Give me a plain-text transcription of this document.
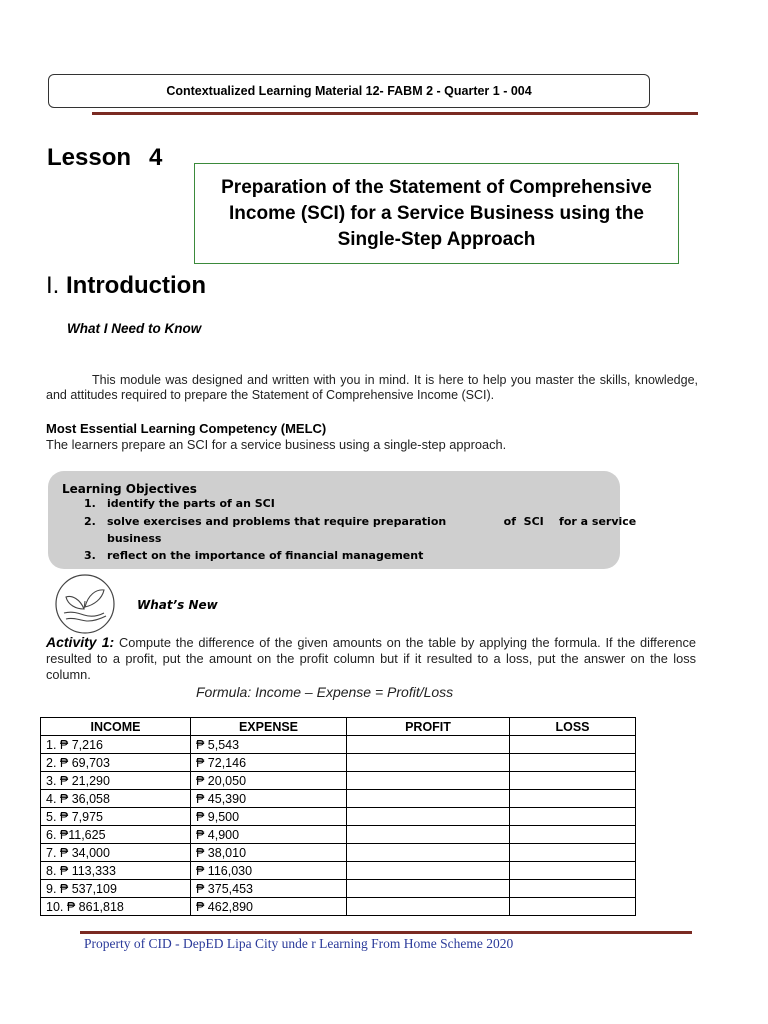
Contextualized Learning Material 12- FABM 2 - Quarter 1 - 004
Lesson 4
Preparation of the Statement of Comprehensive Income (SCI) for a Service Business using the Single-Step Approach
I. Introduction
What I Need to Know
This module was designed and written with you in mind. It is here to help you master the skills, knowledge, and attitudes required to prepare the Statement of Comprehensive Income (SCI).
Most Essential Learning Competency (MELC)
The learners prepare an SCI for a service business using a single-step approach.
Learning Objectives
1. identify the parts of an SCI
2. solve exercises and problems that require preparation               of  SCI    for a service
business
3. reflect on the importance of financial management
What’s New
Activity 1: Compute the difference of the given amounts on the table by applying the formula. If the difference resulted to a profit, put the amount on the profit column but if it resulted to a loss, put the answer on the loss column.
Formula: Income – Expense = Profit/Loss
INCOME	EXPENSE	PROFIT	LOSS
1. ₱ 7,216	₱ 5,543		
2. ₱ 69,703	₱ 72,146		
3. ₱ 21,290	₱ 20,050		
4. ₱ 36,058	₱ 45,390		
5. ₱ 7,975	₱ 9,500		
6. ₱11,625	₱ 4,900		
7. ₱ 34,000	₱ 38,010		
8. ₱ 113,333	₱ 116,030		
9. ₱ 537,109	₱ 375,453		
10. ₱ 861,818	₱ 462,890		
Property of CID - DepED Lipa City unde r Learning From Home Scheme 2020
